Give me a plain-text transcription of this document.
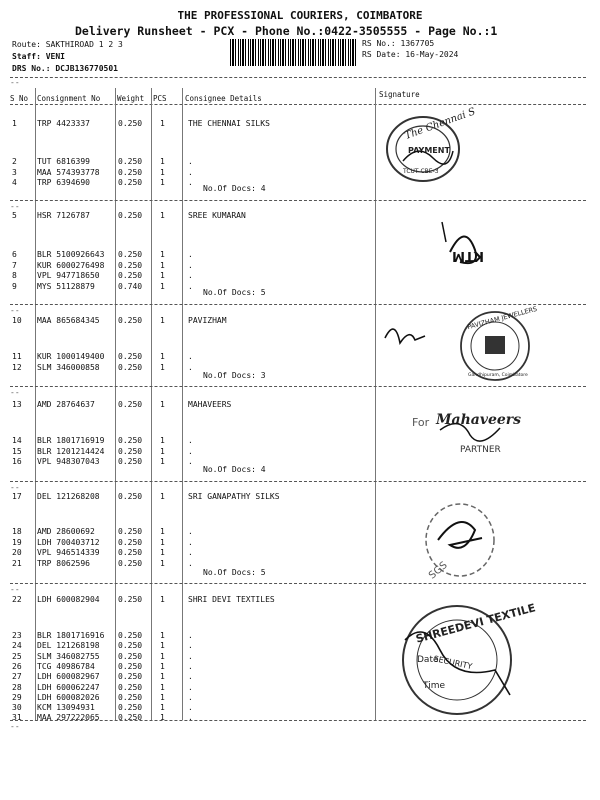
THE PROFESSIONAL COURIERS, COIMBATORE
Delivery Runsheet - PCX - Phone No.:0422-3505555 - Page No.:1
Route: SAKTHIROAD 1 2 3
Staff: VENI
DRS No.: DCJB136770501
RS No.: 1367705
RS Date: 16-May-2024
--
S No Consignment No Weight PCS Consignee Details	Signature
1	TRP 4423337	0.250 1	THE CHENNAI SILKS
2	TUT 6816399	0.250 1	.
3	MAA 574393778 0.250 1	.
4	TRP 6394690	0.250 1	.
No.Of Docs: 4
--
5	HSR 7126787	0.250 1	SREE KUMARAN
6	BLR 5100926643 0.250 1	.
7	KUR 6000276498 0.250 1	.
8	VPL 947718650 0.250 1	.
9	MYS 51128879	0.740 1	.
No.Of Docs: 5
--
10 MAA 865684345 0.250 1	PAVIZHAM
11 KUR 1000149400 0.250 1	.
12 SLM 346000858 0.250 1	.
No.Of Docs: 3
--
13 AMD 28764637	0.250 1	MAHAVEERS
14 BLR 1801716919 0.250 1	.
15 BLR 1201214424 0.250 1	.
16 VPL 948307043 0.250 1	.
No.Of Docs: 4
--
17 DEL 121268208 0.250 1	SRI GANAPATHY SILKS
18 AMD 28600692	0.250 1	.
19 LDH 700403712 0.250 1	.
20 VPL 946514339 0.250 1	.
21 TRP 8062596	0.250 1	.
No.Of Docs: 5
--
22 LDH 600082904 0.250 1	SHRI DEVI TEXTILES
23 BLR 1801716916 0.250 1	.
24 DEL 121268198 0.250 1	.
25 SLM 346082755 0.250 1	.
26 TCG 40986784	0.250 1	.
27 LDH 600082967 0.250 1	.
28 LDH 600062247 0.250 1	.
29 LDH 600082026 0.250 1	.
30 KCM 13094931	0.250 1	.
31 MAA 297222065 0.250 1	.
--
The Chennai S
PAYMENT
TCUT CBE-3
KTM
PAVIZHAM JEWELLERS
Gandhipuram, Coimbatore
For Mahaveers
PARTNER
SGS
SHREEDEVI TEXTILE
SECURITY
Date
Time
